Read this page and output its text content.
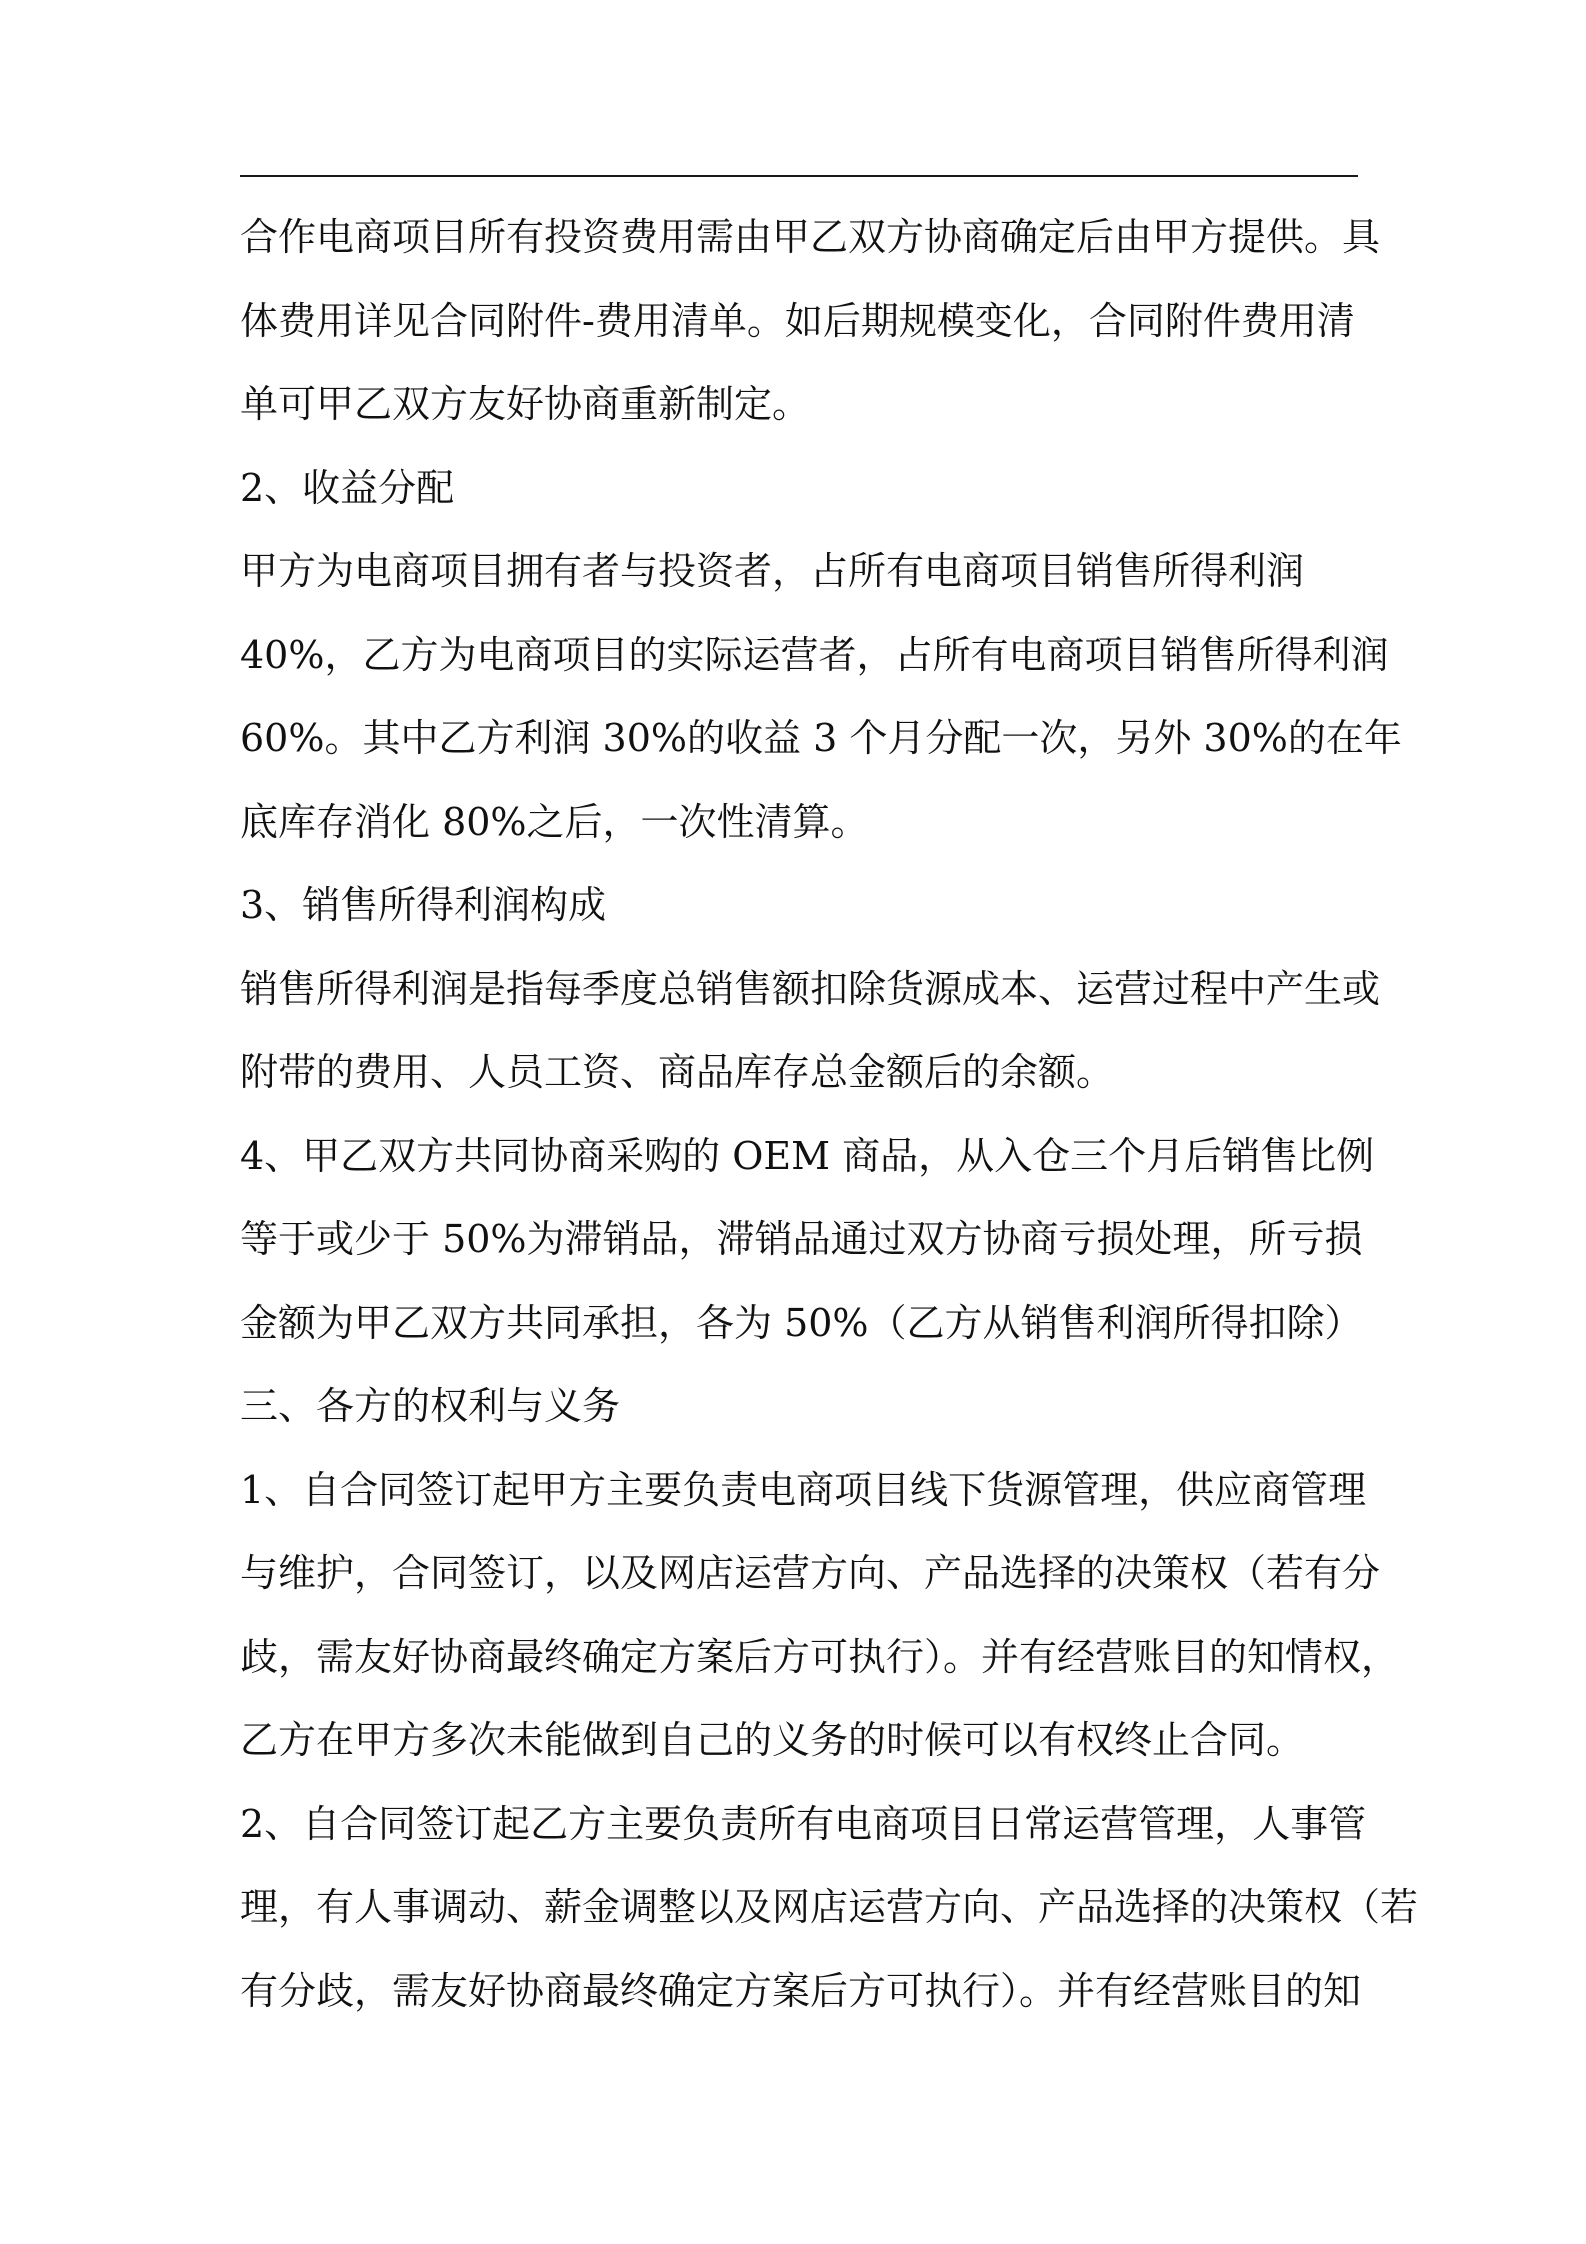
合作电商项目所有投资费用需由甲乙双方协商确定后由甲方提供。具
体费用详见合同附件-费用清单。如后期规模变化，合同附件费用清
单可甲乙双方友好协商重新制定。
2、收益分配
甲方为电商项目拥有者与投资者，占所有电商项目销售所得利润
40%，乙方为电商项目的实际运营者，占所有电商项目销售所得利润
60%。其中乙方利润 30%的收益 3 个月分配一次，另外 30%的在年
底库存消化 80%之后，一次性清算。
3、销售所得利润构成
销售所得利润是指每季度总销售额扣除货源成本、运营过程中产生或
附带的费用、人员工资、商品库存总金额后的余额。
4、甲乙双方共同协商采购的 OEM 商品，从入仓三个月后销售比例
等于或少于 50%为滞销品，滞销品通过双方协商亏损处理，所亏损
金额为甲乙双方共同承担，各为 50%（乙方从销售利润所得扣除）
三、各方的权利与义务
1、自合同签订起甲方主要负责电商项目线下货源管理，供应商管理
与维护，合同签订，以及网店运营方向、产品选择的决策权（若有分
歧，需友好协商最终确定方案后方可执行）。并有经营账目的知情权，
乙方在甲方多次未能做到自己的义务的时候可以有权终止合同。
2、自合同签订起乙方主要负责所有电商项目日常运营管理，人事管
理，有人事调动、薪金调整以及网店运营方向、产品选择的决策权（若
有分歧，需友好协商最终确定方案后方可执行）。并有经营账目的知
